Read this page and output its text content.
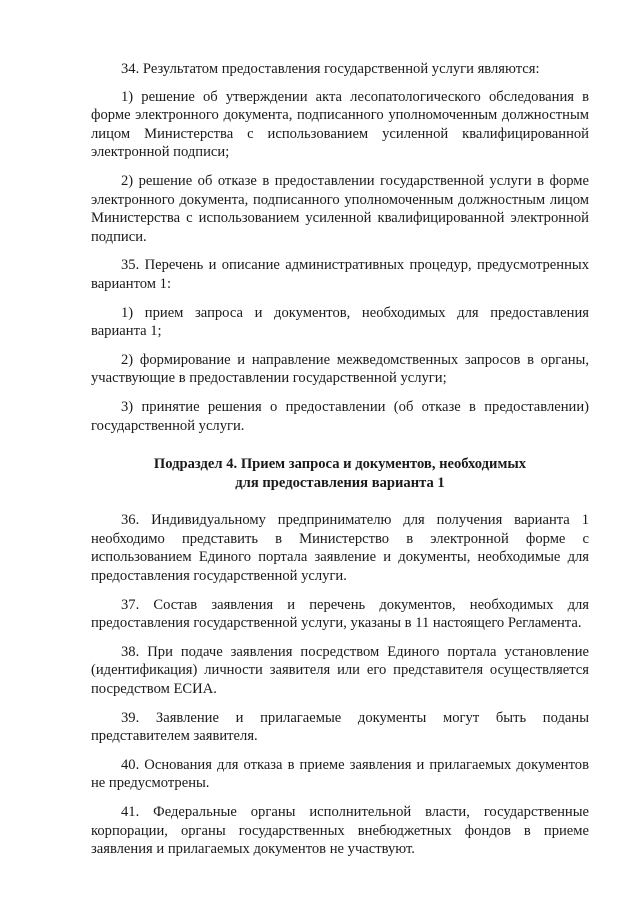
34. Результатом предоставления государственной услуги являются:

1) решение об утверждении акта лесопатологического обследования в форме электронного документа, подписанного уполномоченным должностным лицом Министерства с использованием усиленной квалифицированной электронной подписи;

2) решение об отказе в предоставлении государственной услуги в форме электронного документа, подписанного уполномоченным должностным лицом Министерства с использованием усиленной квалифицированной электронной подписи.

35. Перечень и описание административных процедур, предусмотренных вариантом 1:

1) прием запроса и документов, необходимых для предоставления варианта 1;

2) формирование и направление межведомственных запросов в органы, участвующие в предоставлении государственной услуги;

3) принятие решения о предоставлении (об отказе в предоставлении) государственной услуги.

Подраздел 4. Прием запроса и документов, необходимых
для предоставления варианта 1

36. Индивидуальному предпринимателю для получения варианта 1 необходимо представить в Министерство в электронной форме с использованием Единого портала заявление и документы, необходимые для предоставления государственной услуги.

37. Состав заявления и перечень документов, необходимых для предоставления государственной услуги, указаны в 11 настоящего Регламента.

38. При подаче заявления посредством Единого портала установление (идентификация) личности заявителя или его представителя осуществляется посредством ЕСИА.

39. Заявление и прилагаемые документы могут быть поданы представителем заявителя.

40. Основания для отказа в приеме заявления и прилагаемых документов не предусмотрены.

41. Федеральные органы исполнительной власти, государственные корпорации, органы государственных внебюджетных фондов в приеме заявления и прилагаемых документов не участвуют.
